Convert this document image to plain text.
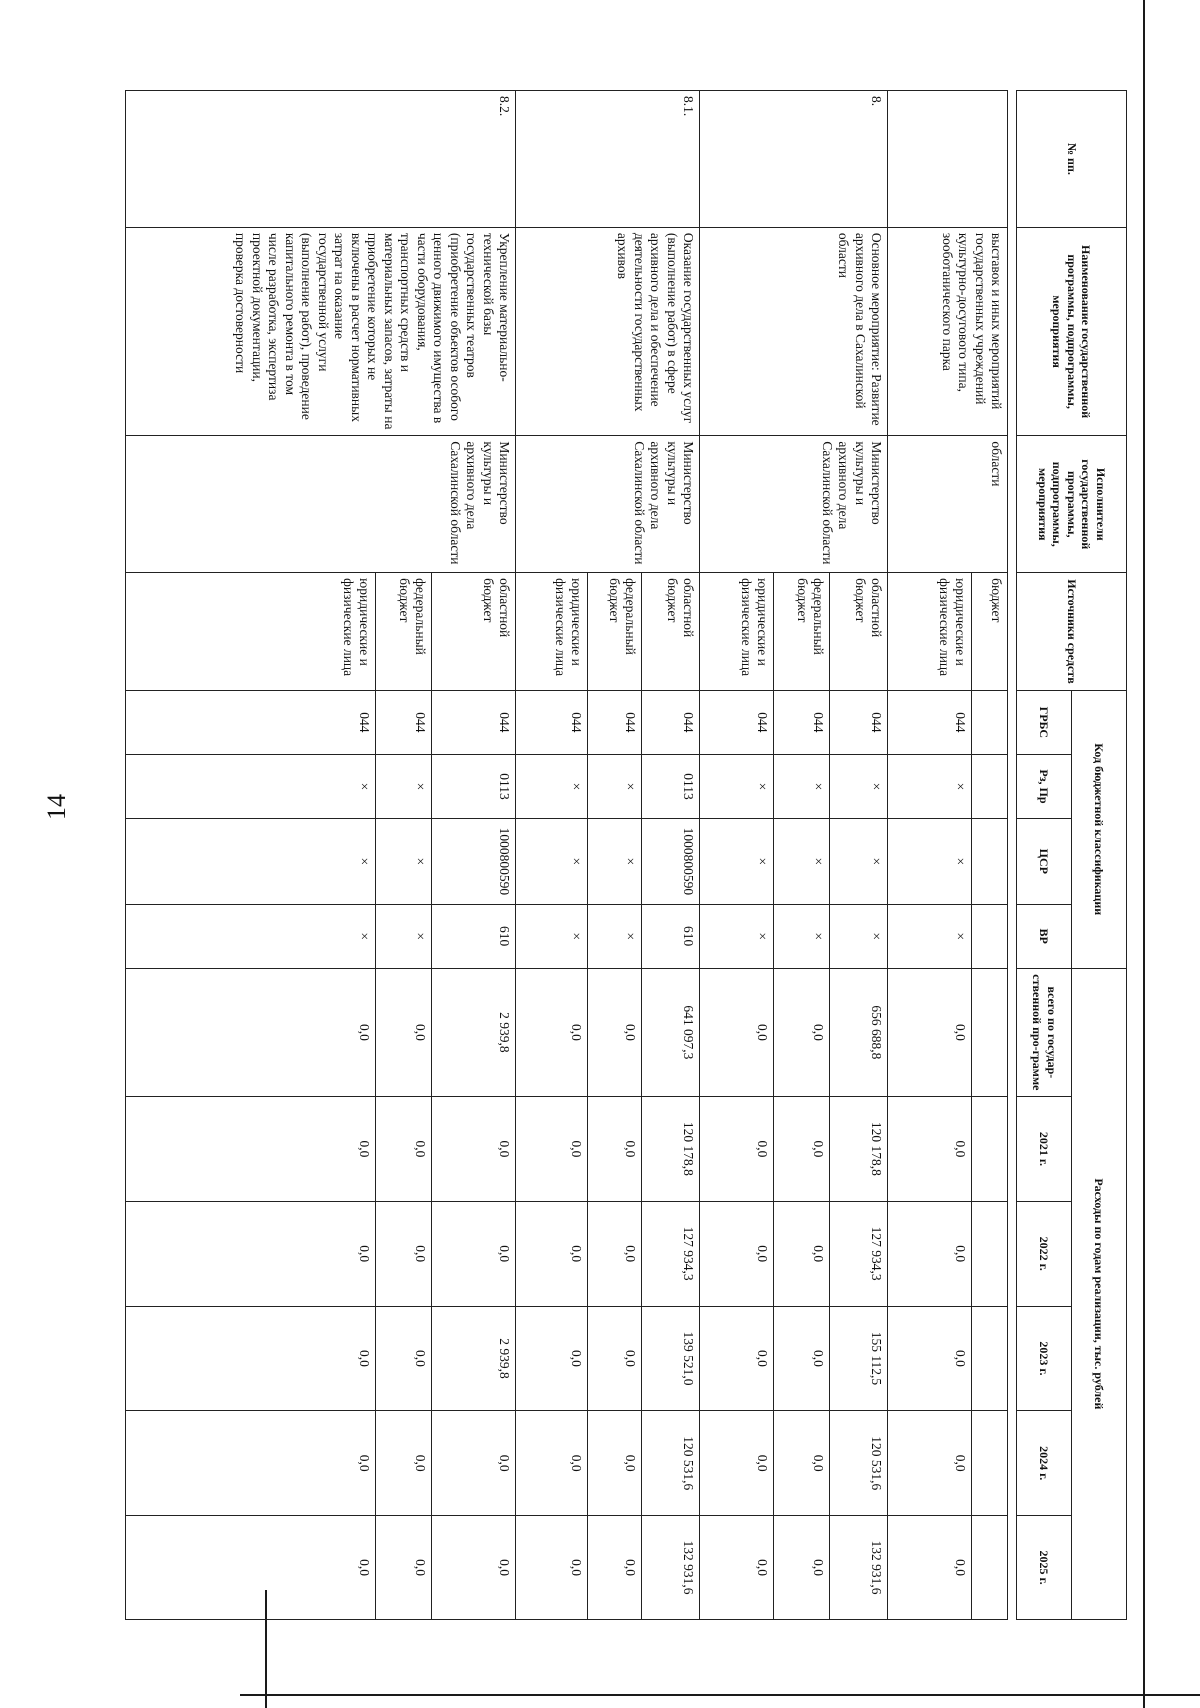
14
№ пп.	Наименование государственной программы, подпрограммы, мероприятия	Исполнители государственной программы, подпрограммы, мероприятия	Источники средств	Код бюджетной классификации				Расходы по годам реализации, тыс. рублей					
				ГРБС	Рз, Пр	ЦСР	ВР	всего по государ-ственной про-грамме	2021 г.	2022 г.	2023 г.	2024 г.	2025 г.

	выставок и иных мероприятий государственных учреждений культурно-досугового типа, зооботанического парка	области	бюджет										
			юридические и физические лица	044	×	×	×	0,0	0,0	0,0	0,0	0,0	0,0
8.	Основное мероприятие: Развитие архивного дела в Сахалинской области	Министерство культуры и архивного дела Сахалинской области	областной бюджет	044	×	×	×	656 688,8	120 178,8	127 934,3	155 112,5	120 531,6	132 931,6
			федеральный бюджет	044	×	×	×	0,0	0,0	0,0	0,0	0,0	0,0
			юридические и физические лица	044	×	×	×	0,0	0,0	0,0	0,0	0,0	0,0
8.1.	Оказание государственных услуг (выполнение работ) в сфере архивного дела и обеспечение деятельности государственных архивов	Министерство культуры и архивного дела Сахалинской области	областной бюджет	044	0113	1000800590	610	641 097,3	120 178,8	127 934,3	139 521,0	120 531,6	132 931,6
			федеральный бюджет	044	×	×	×	0,0	0,0	0,0	0,0	0,0	0,0
			юридические и физические лица	044	×	×	×	0,0	0,0	0,0	0,0	0,0	0,0
8.2.	Укрепление материально-технической базы государственных театров (приобретение объектов особого ценного движимого имущества в части оборудования, транспортных средств и материальных запасов, затраты на приобретение которых не включены в расчет нормативных затрат на оказание государственной услуги (выполнение работ), проведение капитального ремонта в том числе разработка, экспертиза проектной документации, проверка достоверности	Министерство культуры и архивного дела Сахалинской области	областной бюджет	044	0113	1000800590	610	2 939,8	0,0	0,0	2 939,8	0,0	0,0
			федеральный бюджет	044	×	×	×	0,0	0,0	0,0	0,0	0,0	0,0
			юридические и физические лица	044	×	×	×	0,0	0,0	0,0	0,0	0,0	0,0
